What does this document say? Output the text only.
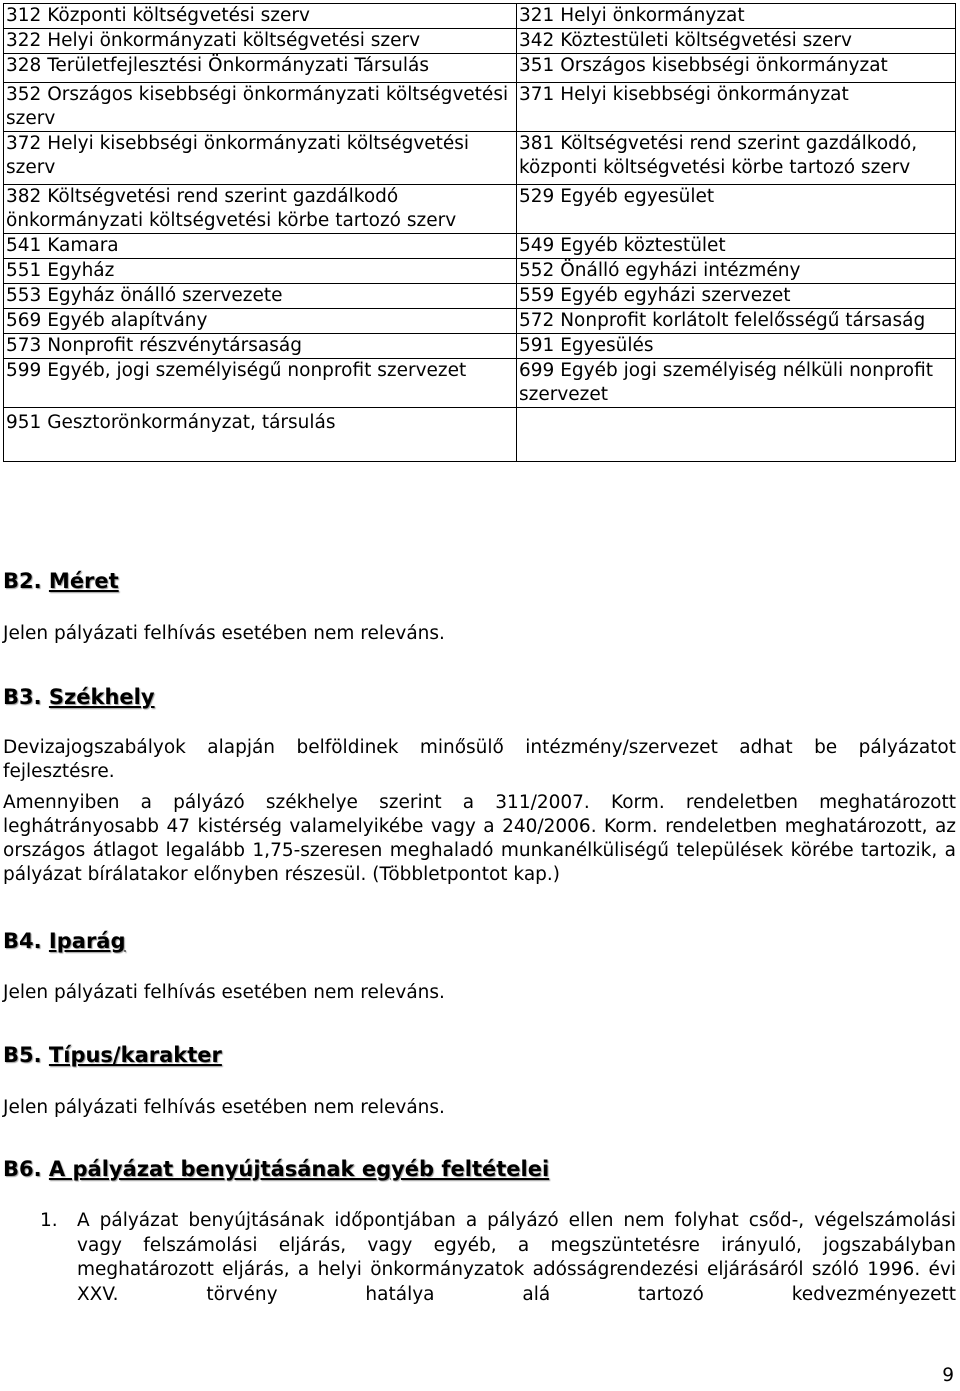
312 Központi költségvetési szerv	321 Helyi önkormányzat
322 Helyi önkormányzati költségvetési szerv	342 Köztestületi költségvetési szerv
328 Területfejlesztési Önkormányzati Társulás	351 Országos kisebbségi önkormányzat
352 Országos kisebbségi önkormányzati költségvetési szerv	371 Helyi kisebbségi önkormányzat
372 Helyi kisebbségi önkormányzati költségvetési szerv	381 Költségvetési rend szerint gazdálkodó, központi költségvetési körbe tartozó szerv
382 Költségvetési rend szerint gazdálkodó önkormányzati költségvetési körbe tartozó szerv	529 Egyéb egyesület
541 Kamara	549 Egyéb köztestület
551 Egyház	552 Önálló egyházi intézmény
553 Egyház önálló szervezete	559 Egyéb egyházi szervezet
569 Egyéb alapítvány	572 Nonprofit korlátolt felelősségű társaság
573 Nonprofit részvénytársaság	591 Egyesülés
599 Egyéb, jogi személyiségű nonprofit szervezet	699 Egyéb jogi személyiség nélküli nonprofit szervezet
951 Gesztorönkormányzat, társulás	

B2. Méret

Jelen pályázati felhívás esetében nem releváns.

B3. Székhely

Devizajogszabályok alapján belföldinek minősülő intézmény/szervezet adhat be pályázatot fejlesztésre.

Amennyiben a pályázó székhelye szerint a 311/2007. Korm. rendeletben meghatározott leghátrányosabb 47 kistérség valamelyikébe vagy a 240/2006. Korm. rendeletben meghatározott, az országos átlagot legalább 1,75-szeresen meghaladó munkanélküliségű települések körébe tartozik, a pályázat bírálatakor előnyben részesül. (Többletpontot kap.)

B4. Iparág

Jelen pályázati felhívás esetében nem releváns.

B5. Típus/karakter

Jelen pályázati felhívás esetében nem releváns.

B6. A pályázat benyújtásának egyéb feltételei

1. A pályázat benyújtásának időpontjában a pályázó ellen nem folyhat csőd-, végelszámolási vagy felszámolási eljárás, vagy egyéb, a megszüntetésre irányuló, jogszabályban meghatározott eljárás, a helyi önkormányzatok adósságrendezési eljárásáról szóló 1996. évi XXV. törvény hatálya alá tartozó kedvezményezett
9
